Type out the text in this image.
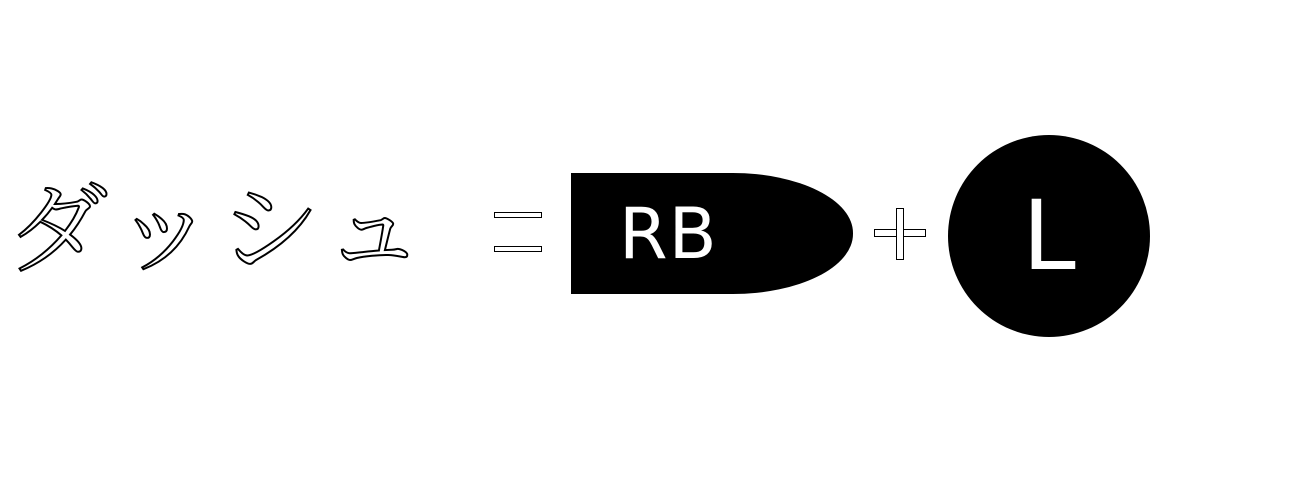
ダッシュ	RB	L
